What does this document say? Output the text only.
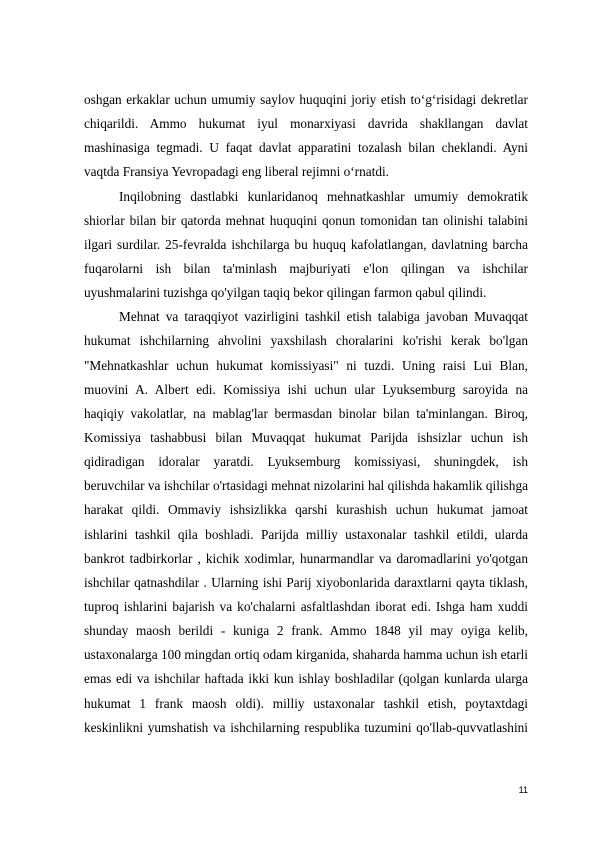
oshgan erkaklar uchun umumiy saylov huquqini joriy etish to‘g‘risidagi dekretlar
chiqarildi. Ammo hukumat iyul monarxiyasi davrida shakllangan davlat
mashinasiga tegmadi. U faqat davlat apparatini tozalash bilan cheklandi. Ayni
vaqtda Fransiya Yevropadagi eng liberal rejimni o‘rnatdi.
Inqilobning dastlabki kunlaridanoq mehnatkashlar umumiy demokratik
shiorlar bilan bir qatorda mehnat huquqini qonun tomonidan tan olinishi talabini
ilgari surdilar. 25-fevralda ishchilarga bu huquq kafolatlangan, davlatning barcha
fuqarolarni ish bilan ta'minlash majburiyati e'lon qilingan va ishchilar
uyushmalarini tuzishga qo'yilgan taqiq bekor qilingan farmon qabul qilindi.
Mehnat va taraqqiyot vazirligini tashkil etish talabiga javoban Muvaqqat
hukumat ishchilarning ahvolini yaxshilash choralarini ko'rishi kerak bo'lgan
"Mehnatkashlar uchun hukumat komissiyasi" ni tuzdi. Uning raisi Lui Blan,
muovini A. Albert edi. Komissiya ishi uchun ular Lyuksemburg saroyida na
haqiqiy vakolatlar, na mablag'lar bermasdan binolar bilan ta'minlangan. Biroq,
Komissiya tashabbusi bilan Muvaqqat hukumat Parijda ishsizlar uchun ish
qidiradigan idoralar yaratdi. Lyuksemburg komissiyasi, shuningdek, ish
beruvchilar va ishchilar o'rtasidagi mehnat nizolarini hal qilishda hakamlik qilishga
harakat qildi. Ommaviy ishsizlikka qarshi kurashish uchun hukumat jamoat
ishlarini tashkil qila boshladi. Parijda milliy ustaxonalar tashkil etildi, ularda
bankrot tadbirkorlar , kichik xodimlar, hunarmandlar va daromadlarini yo'qotgan
ishchilar qatnashdilar . Ularning ishi Parij xiyobonlarida daraxtlarni qayta tiklash,
tuproq ishlarini bajarish va ko'chalarni asfaltlashdan iborat edi. Ishga ham xuddi
shunday maosh berildi - kuniga 2 frank. Ammo 1848 yil may oyiga kelib,
ustaxonalarga 100 mingdan ortiq odam kirganida, shaharda hamma uchun ish etarli
emas edi va ishchilar haftada ikki kun ishlay boshladilar (qolgan kunlarda ularga
hukumat 1 frank maosh oldi). milliy ustaxonalar tashkil etish, poytaxtdagi
keskinlikni yumshatish va ishchilarning respublika tuzumini qo'llab-quvvatlashini
11
